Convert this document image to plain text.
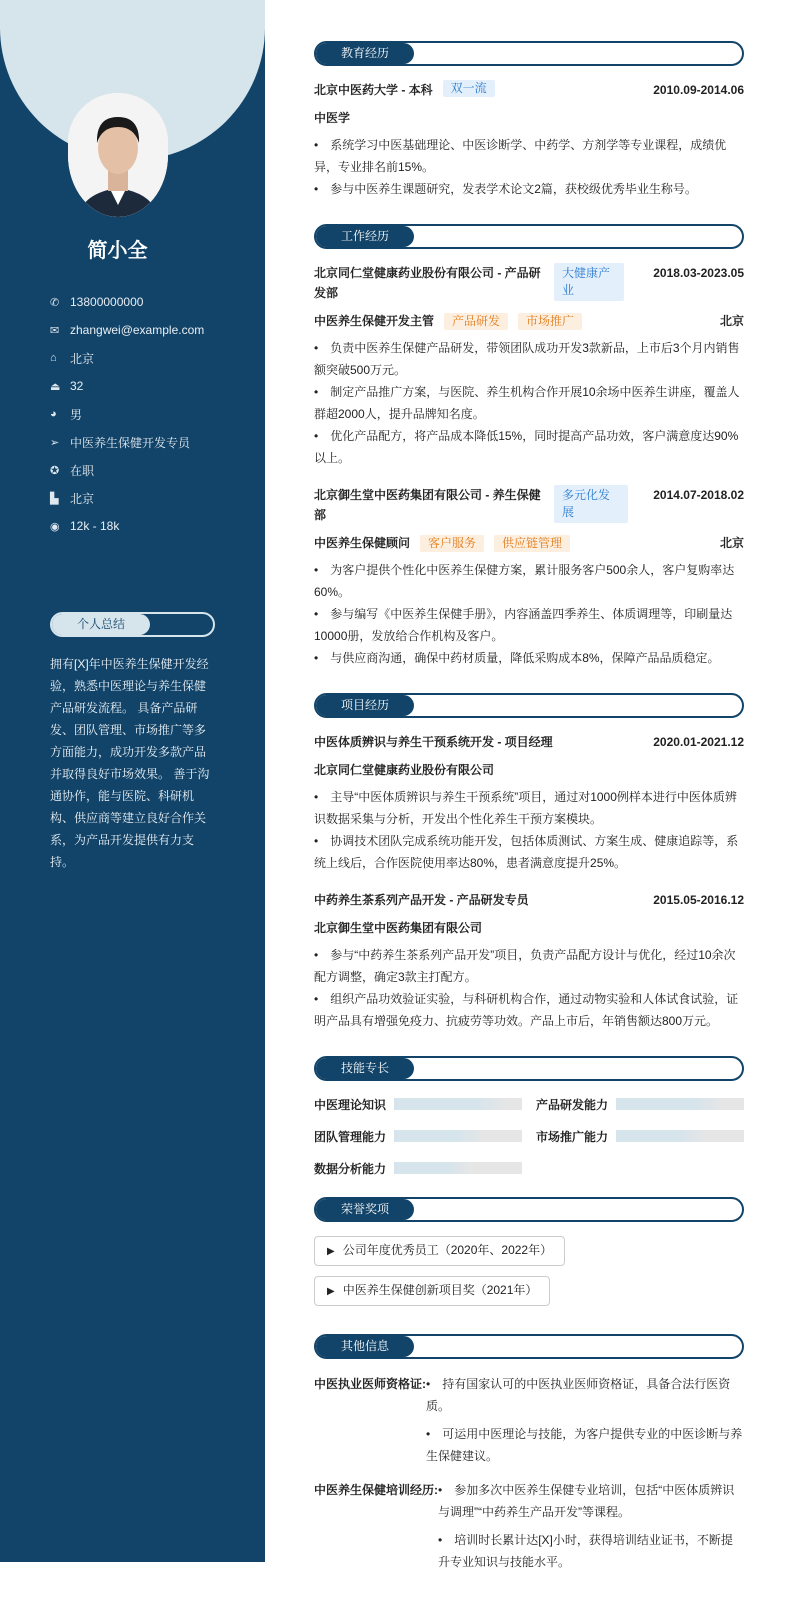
简小全
✆ 13800000000
✉ zhangwei@example.com
⌂	北京
⏏ 32
◕	男
➢ 中医养生保健开发专员
✪ 在职
▙ 北京
◉ 12k - 18k
个人总结
拥有[X]年中医养生保健开发经验，熟悉中医理论与养生保健产品研发流程。 具备产品研发、团队管理、市场推广等多方面能力，成功开发多款产品并取得良好市场效果。 善于沟通协作，能与医院、科研机构、供应商等建立良好合作关系，为产品开发提供有力支持。
教育经历
北京中医药大学 - 本科	双一流	2010.09-2014.06
中医学
• 系统学习中医基础理论、中医诊断学、中药学、方剂学等专业课程，成绩优异，专业排名前15%。
• 参与中医养生课题研究，发表学术论文2篇，获校级优秀毕业生称号。
工作经历
北京同仁堂健康药业股份有限公司 - 产品研发部
大健康产业
2018.03-2023.05
中医养生保健开发主管 产品研发 市场推广	北京
• 负责中医养生保健产品研发，带领团队成功开发3款新品，上市后3个月内销售额突破500万元。
• 制定产品推广方案，与医院、养生机构合作开展10余场中医养生讲座，覆盖人群超2000人，提升品牌知名度。
• 优化产品配方，将产品成本降低15%，同时提高产品功效，客户满意度达90%以上。
北京御生堂中医药集团有限公司 - 养生保健部
多元化发展
2014.07-2018.02
中医养生保健顾问 客户服务 供应链管理	北京
• 为客户提供个性化中医养生保健方案，累计服务客户500余人，客户复购率达60%。
• 参与编写《中医养生保健手册》，内容涵盖四季养生、体质调理等，印刷量达10000册，发放给合作机构及客户。
• 与供应商沟通，确保中药材质量，降低采购成本8%，保障产品品质稳定。
项目经历
中医体质辨识与养生干预系统开发 - 项目经理	2020.01-2021.12
北京同仁堂健康药业股份有限公司
• 主导“中医体质辨识与养生干预系统”项目，通过对1000例样本进行中医体质辨识数据采集与分析，开发出个性化养生干预方案模块。
• 协调技术团队完成系统功能开发，包括体质测试、方案生成、健康追踪等，系统上线后，合作医院使用率达80%，患者满意度提升25%。
中药养生茶系列产品开发 - 产品研发专员	2015.05-2016.12
北京御生堂中医药集团有限公司
• 参与“中药养生茶系列产品开发”项目，负责产品配方设计与优化，经过10余次配方调整，确定3款主打配方。
• 组织产品功效验证实验，与科研机构合作，通过动物实验和人体试食试验，证明产品具有增强免疫力、抗疲劳等功效。产品上市后，年销售额达800万元。
技能专长
中医理论知识	产品研发能力
团队管理能力	市场推广能力
数据分析能力
荣誉奖项
▶ 公司年度优秀员工（2020年、2022年）
▶ 中医养生保健创新项目奖（2021年）
其他信息
中医执业医师资格证:	• 持有国家认可的中医执业医师资格证，具备合法行医资质。
• 可运用中医理论与技能，为客户提供专业的中医诊断与养生保健建议。
中医养生保健培训经历:	• 参加多次中医养生保健专业培训，包括“中医体质辨识与调理”“中药养生产品开发”等课程。
• 培训时长累计达[X]小时，获得培训结业证书，不断提升专业知识与技能水平。
